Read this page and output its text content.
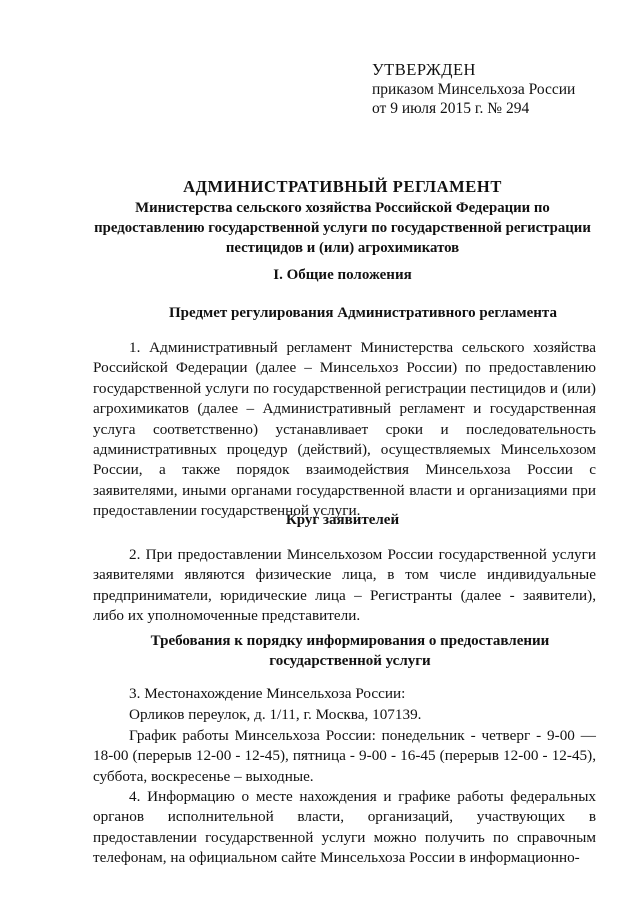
УТВЕРЖДЕН
приказом Минсельхоза России
от 9 июля 2015 г. № 294
АДМИНИСТРАТИВНЫЙ РЕГЛАМЕНТ
Министерства сельского хозяйства Российской Федерации по предоставлению государственной услуги по государственной регистрации пестицидов и (или) агрохимикатов
I. Общие положения
Предмет регулирования Административного регламента

1. Административный регламент Министерства сельского хозяйства Российской Федерации (далее – Минсельхоз России) по предоставлению государственной услуги по государственной регистрации пестицидов и (или) агрохимикатов (далее – Административный регламент и государственная услуга соответственно) устанавливает сроки и последовательность административных процедур (действий), осуществляемых Минсельхозом России, а также порядок взаимодействия Минсельхоза России с заявителями, иными органами государственной власти и организациями при предоставлении государственной услуги.

Круг заявителей

2. При предоставлении Минсельхозом России государственной услуги заявителями являются физические лица, в том числе индивидуальные предприниматели, юридические лица – Регистранты (далее - заявители), либо их уполномоченные представители.

Требования к порядку информирования о предоставлении государственной услуги

3. Местонахождение Минсельхоза России:

Орликов переулок, д. 1/11, г. Москва, 107139.

График работы Минсельхоза России: понедельник - четверг - 9-00 — 18-00 (перерыв 12-00 - 12-45), пятница - 9-00 - 16-45 (перерыв 12-00 - 12-45), суббота, воскресенье – выходные.

4. Информацию о месте нахождения и графике работы федеральных органов исполнительной власти, организаций, участвующих в предоставлении государственной услуги можно получить по справочным телефонам, на официальном сайте Минсельхоза России в информационно-
